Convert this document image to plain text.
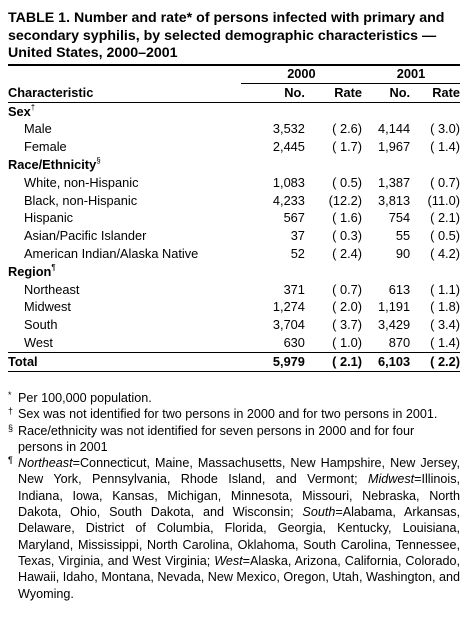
TABLE 1. Number and rate* of persons infected with primary and secondary syphilis, by selected demographic characteristics — United States, 2000–2001
	2000		2001	
Characteristic	No.	Rate	No.	Rate
Sex†
Male	3,532	( 2.6)	4,144	( 3.0)
Female	2,445	( 1.7)	1,967	( 1.4)
Race/Ethnicity§
White, non-Hispanic	1,083	( 0.5)	1,387	( 0.7)
Black, non-Hispanic	4,233	(12.2)	3,813	(11.0)
Hispanic	567	( 1.6)	754	( 2.1)
Asian/Pacific Islander	37	( 0.3)	55	( 0.5)
American Indian/Alaska Native	52	( 2.4)	90	( 4.2)
Region¶
Northeast	371	( 0.7)	613	( 1.1)
Midwest	1,274	( 2.0)	1,191	( 1.8)
South	3,704	( 3.7)	3,429	( 3.4)
West	630	( 1.0)	870	( 1.4)
Total	5,979	( 2.1)	6,103	( 2.2)
* Per 100,000 population.
† Sex was not identified for two persons in 2000 and for two persons in 2001.
§ Race/ethnicity was not identified for seven persons in 2000 and for four persons in 2001
¶ Northeast=Connecticut, Maine, Massachusetts, New Hampshire, New Jersey, New York, Pennsylvania, Rhode Island, and Vermont; Midwest=Illinois, Indiana, Iowa, Kansas, Michigan, Minnesota, Missouri, Nebraska, North Dakota, Ohio, South Dakota, and Wisconsin; South=Alabama, Arkansas, Delaware, District of Columbia, Florida, Georgia, Kentucky, Louisiana, Maryland, Mississippi, North Carolina, Oklahoma, South Carolina, Tennessee, Texas, Virginia, and West Virginia; West=Alaska, Arizona, California, Colorado, Hawaii, Idaho, Montana, Nevada, New Mexico, Oregon, Utah, Washington, and Wyoming.
